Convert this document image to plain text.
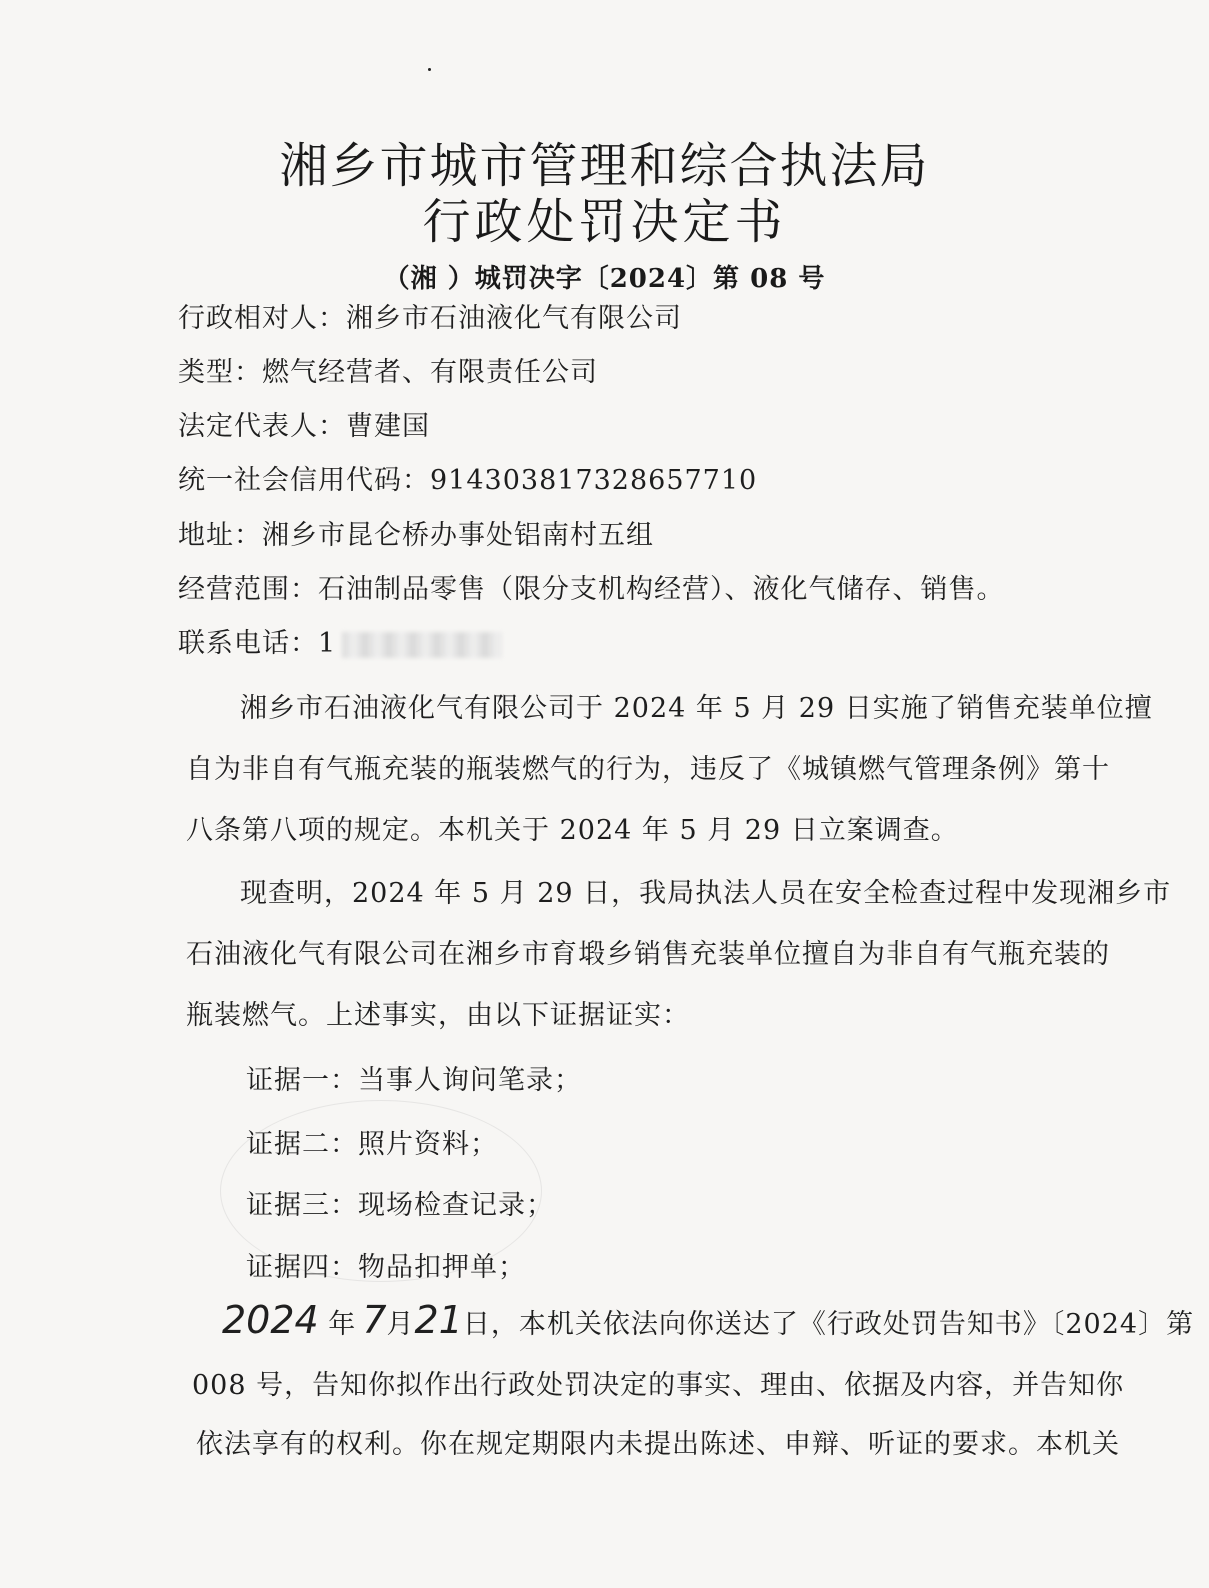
湘乡市城市管理和综合执法局
行政处罚决定书
（湘 ）城罚决字〔2024〕第 08 号
行政相对人：湘乡市石油液化气有限公司
类型：燃气经营者、有限责任公司
法定代表人：曹建国
统一社会信用代码：914303817328657710
地址：湘乡市昆仑桥办事处铝南村五组
经营范围：石油制品零售（限分支机构经营）、液化气储存、销售。
联系电话：1
湘乡市石油液化气有限公司于 2024 年 5 月 29 日实施了销售充装单位擅
自为非自有气瓶充装的瓶装燃气的行为，违反了《城镇燃气管理条例》第十
八条第八项的规定。本机关于 2024 年 5 月 29 日立案调查。
现查明，2024 年 5 月 29 日，我局执法人员在安全检查过程中发现湘乡市
石油液化气有限公司在湘乡市育塅乡销售充装单位擅自为非自有气瓶充装的
瓶装燃气。上述事实，由以下证据证实：
证据一：当事人询问笔录；
证据二：照片资料；
证据三：现场检查记录；
证据四：物品扣押单；
2024 年 7月21日，本机关依法向你送达了《行政处罚告知书》〔2024〕第
008 号，告知你拟作出行政处罚决定的事实、理由、依据及内容，并告知你
依法享有的权利。你在规定期限内未提出陈述、申辩、听证的要求。本机关
